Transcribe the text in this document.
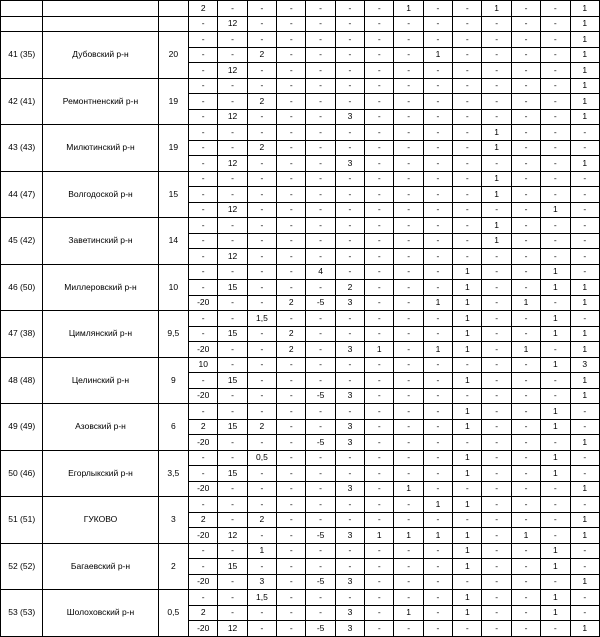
			2	-	-	-	-	-	-	1	-	-	1	-	-	1
			-	12	-	-	-	-	-	-	-	-	-	-	-	1
41 (35)	Дубовский р-н	20	-	-	-	-	-	-	-	-	-	-	-	-	-	1
			-	-	2	-	-	-	-	-	1	-	-	-	-	1
			-	12	-	-	-	-	-	-	-	-	-	-	-	1
42 (41)	Ремонтненский р-н	19	-	-	-	-	-	-	-	-	-	-	-	-	-	1
			-	-	2	-	-	-	-	-	-	-	-	-	-	1
			-	12	-	-	-	3	-	-	-	-	-	-	-	1
43 (43)	Милютинский р-н	19	-	-	-	-	-	-	-	-	-	-	1	-	-	-
			-	-	2	-	-	-	-	-	-	-	1	-	-	-
			-	12	-	-	-	3	-	-	-	-	-	-	-	1
44 (47)	Волгодоской р-н	15	-	-	-	-	-	-	-	-	-	-	1	-	-	-
			-	-	-	-	-	-	-	-	-	-	1	-	-	-
			-	12	-	-	-	-	-	-	-	-	-	-	1	-
45 (42)	Заветинский р-н	14	-	-	-	-	-	-	-	-	-	-	1	-	-	-
			-	-	-	-	-	-	-	-	-	-	1	-	-	-
			-	12	-	-	-	-	-	-	-	-	-	-	-	-
46 (50)	Миллеровский р-н	10	-	-	-	-	4	-	-	-	-	1	-	-	1	-
			-	15	-	-	-	2	-	-	-	1	-	-	1	1
			-20	-	-	2	-5	3	-	-	1	1	-	1	-	1
47 (38)	Цимлянский р-н	9,5	-	-	1,5	-	-	-	-	-	-	1	-	-	1	-
			-	15	-	2	-	-	-	-	-	1	-	-	1	1
			-20	-	-	2	-	3	1	-	1	1	-	1	-	1
48 (48)	Целинский р-н	9	10	-	-	-	-	-	-	-	-	-	-	-	1	3
			-	15	-	-	-	-	-	-	-	1	-	-	-	1
			-20	-	-	-	-5	3	-	-	-	-	-	-	-	1
49 (49)	Азовский р-н	6	-	-	-	-	-	-	-	-	-	1	-	-	1	-
			2	15	2	-	-	3	-	-	-	1	-	-	1	-
			-20	-	-	-	-5	3	-	-	-	-	-	-	-	1
50 (46)	Егорлыкский р-н	3,5	-	-	0,5	-	-	-	-	-	-	1	-	-	1	-
			-	15	-	-	-	-	-	-	-	1	-	-	1	-
			-20	-	-	-	-	3	-	1	-	-	-	-	-	1
51 (51)	ГУКОВО	3	-	-	-	-	-	-	-	-	1	1	-	-	-	-
			2	-	2	-	-	-	-	-	-	-	-	-	-	1
			-20	12	-	-	-5	3	1	1	1	1	-	1	-	1
52 (52)	Багаевский р-н	2	-	-	1	-	-	-	-	-	-	1	-	-	1	-
			-	15	-	-	-	-	-	-	-	1	-	-	1	-
			-20	-	3	-	-5	3	-	-	-	-	-	-	-	1
53 (53)	Шолоховский р-н	0,5	-	-	1,5	-	-	-	-	-	-	1	-	-	1	-
			2	-	-	-	-	3	-	1	-	1	-	-	1	-
			-20	12	-	-	-5	3	-	-	-	-	-	-	-	1
